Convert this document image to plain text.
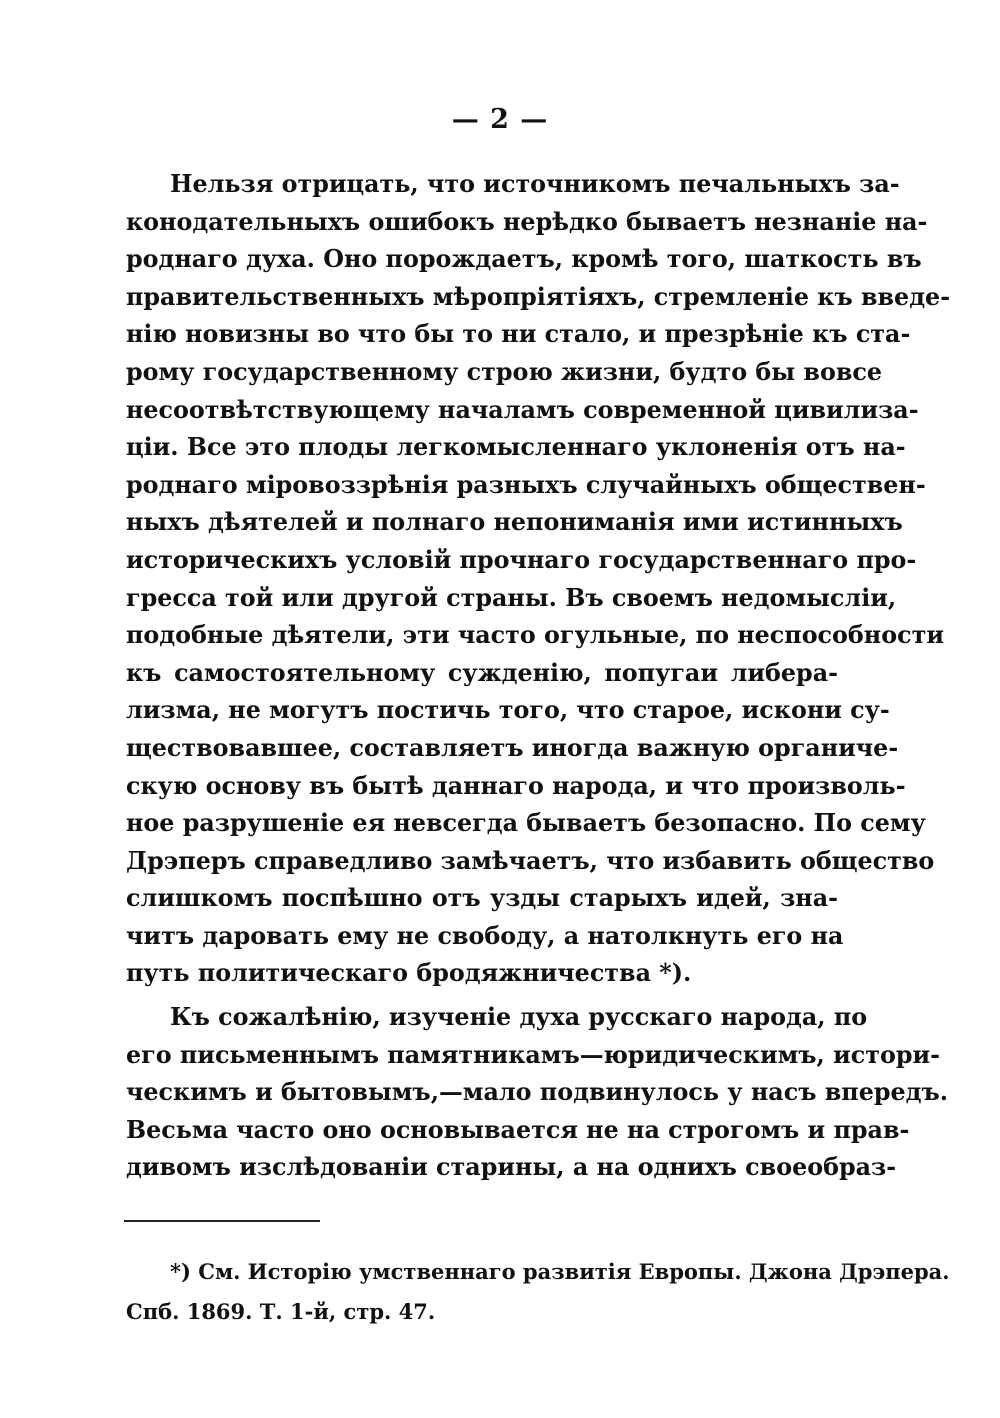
— 2 —
Нельзя отрицать, что источникомъ печальныхъ за-
конодательныхъ ошибокъ нерѣдко бываетъ незнаніе на-
роднаго духа. Оно порождаетъ, кромѣ того, шаткость въ
правительственныхъ мѣропріятіяхъ, стремленіе къ введе-
нію новизны во что бы то ни стало, и презрѣніе къ ста-
рому государственному строю жизни, будто бы вовсе
несоотвѣтствующему началамъ современной цивилиза-
ціи. Все это плоды легкомысленнаго уклоненія отъ на-
роднаго міровоззрѣнія разныхъ случайныхъ обществен-
ныхъ дѣятелей и полнаго непониманія ими истинныхъ
историческихъ условій прочнаго государственнаго про-
гресса той или другой страны. Въ своемъ недомысліи,
подобные дѣятели, эти часто огульные, по неспособности
къ самостоятельному сужденію, попугаи либера-
лизма, не могутъ постичь того, что старое, искони су-
ществовавшее, составляетъ иногда важную органиче-
скую основу въ бытѣ даннаго народа, и что произволь-
ное разрушеніе ея невсегда бываетъ безопасно. По сему
Дрэперъ справедливо замѣчаетъ, что избавить общество
слишкомъ поспѣшно отъ узды старыхъ идей, зна-
читъ даровать ему не свободу, а натолкнуть его на
путь политическаго бродяжничества *).
Къ сожалѣнію, изученіе духа русскаго народа, по
его письменнымъ памятникамъ—юридическимъ, истори-
ческимъ и бытовымъ,—мало подвинулось у насъ впередъ.
Весьма часто оно основывается не на строгомъ и прав-
дивомъ изслѣдованіи старины, а на однихъ своеобраз-
*) См. Исторію умственнаго развитія Европы. Джона Дрэпера.
Спб. 1869. Т. 1-й, стр. 47.
